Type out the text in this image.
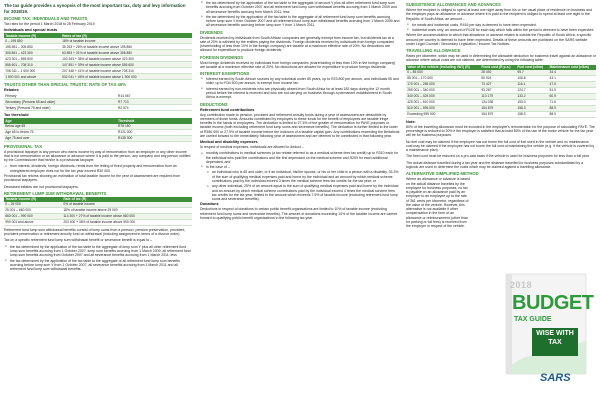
The tax guide provides a synopsis of the most important tax, duty and levy information for 2018/19.
INCOME TAX: INDIVIDUALS AND TRUSTS
Tax rates for the period 1 March 2018 to 28 February 2019
Individuals and special trusts
Taxable income (R)	Rates of tax (R)
0 – 195 850	18% of taxable income
195 851 – 305 850	35 253 + 26% of taxable income above 195 850
305 851 – 423 300	63 853 + 31% of taxable income above 305 850
423 301 – 555 600	100 263 + 36% of taxable income above 423 300
555 601 – 708 310	147 891 + 39% of taxable income above 555 600
708 311 – 1 500 000	207 448 + 41% of taxable income above 708 310
1 500 001 and above	532 041 + 45% of taxable income above 1 500 000
TRUSTS OTHER THAN SPECIAL TRUSTS: RATE OF TAX 45%
Rebates
Primary	R14 067
Secondary (Persons 65 and older)	R7 713
Tertiary (Persons 75 and older)	R2 574
Tax threshold
Age	Threshold
Below age 65	R78 150
Age 65 to below 75	R121 000
Age 75 and over	R135 300
PROVISIONAL TAX
A provisional taxpayer is any person who earns income by way of remuneration from an employer or any other income that is not remuneration or an allowance or advance where it is paid to the person, any company and any person notified by the Commissioner that he/she is a provisional taxpayer.
● from interest, dividends, foreign dividends, rental from the letting of fixed property and remuneration from an unregistered employer does not for the tax year exceed R30 000.
Provisional tax returns showing an estimation of total taxable income for the year of assessment are required from provisional taxpayers.
Deceased estates are not provisional taxpayers.
RETIREMENT LUMP SUM WITHDRAWAL BENEFITS
Taxable income (R)	Rate of tax (R)
0 – 25 000	0% of taxable income
25 001 – 660 000	18% of taxable income above 25 000
660 001 – 990 000	114 300 + 27% of taxable income above 660 000
990 001 and above	203 400 + 36% of taxable income above 990 000
Retirement fund lump sum withdrawal benefits consist of lump sums from a pension, pension preservation, provident, provident preservation or retirement annuity fund on withdrawal (including assignment in terms of a divorce order).
Tax on a specific retirement fund lump sum withdrawal benefit or severance benefit is equal to –
● the tax determined by the application of the tax table to the aggregate of lump sum Y plus all other retirement fund lump sum benefits accruing from 1 October 2007, lump sum benefits accruing from 1 March 2009, all retirement fund lump sum benefits accruing from October 2007 and all severance benefits accruing from 1 March 2011; less
● the tax determined by the application of the tax table to the aggregate of all retirement fund lump sum benefits accruing before lump sum Y from 1 October 2007, all severance benefits accruing from 1 March 2011 and all retirement fund lump sum withdrawal benefits.
● the tax determined by the application of the tax table to the aggregate of amount Y plus all other retirement fund lump sum benefits accruing from October 2007 and all retirement fund lump sum withdrawal benefits accruing from 1 March 2009 and all severance benefits accruing from March 2011; less
● the tax determined by the application of the tax table to the aggregate of all retirement fund lump sum benefits accruing before lump sum Y from October 2007 and all retirement fund lump sum withdrawal benefits accruing from 1 March 2009 and all severance benefits accruing before lump sum Y from 1 March 2011.
DIVIDENDS
Dividends received by individuals from South African companies are generally exempt from income tax, but dividends tax at a rate of 20% is withheld by the entities paying the dividends. Foreign dividends received by individuals from foreign companies (shareholding of less than 10% in the foreign company) are taxable at a maximum effective rate of 20%. No deductions are allowed for expenditure to produce foreign dividends.
FOREIGN DIVIDENDS
Most foreign dividends received by individuals from foreign companies (shareholding of less than 10% in the foreign company) are taxable at a maximum effective rate of 20%. No deductions are allowed for expenditure to produce foreign dividends.
INTEREST EXEMPTIONS
● Interest earned by South African sources by any individual under 65 years, up to R23 800 per annum, and individuals 65 and older, up to R34 500 per annum, is exempt from income tax.
● Interest earned by non-residents who are physically absent from South Africa for at least 183 days during the 12 month period before the interest is received and who are not carrying on business through a permanent establishment in South Africa is exempt.
DEDUCTIONS
Retirement fund contributions
Any contribution made to pension, provident and retirement annuity funds during a year of assessment are deductible by members of those funds. Amounts contributed by employers to these funds for the benefit of employees are taxable fringe benefits in the hands of employees. The deduction is limited to 27.5% of the greater of remuneration for PAYE purposes or taxable income (both excluding retirement fund lump sums and severance benefits). The deduction is further limited to the lower of R350 000 or 27.5% of taxable income before the inclusion of a taxable capital gain. Any contributions exceeding the limitations are carried forward to the immediately following year of assessment and are deemed to be contributed in that following year.
Medical and disability expenses
In respect of medical expenses, individuals are allowed to deduct –
● monthly contributions to medical schemes (a tax rebate referred to as a medical scheme fees tax credit) up to R310 each for the individual who paid the contributions and the first dependant on the medical scheme and R209 for each additional dependant; and
● in the case of –
● an individual who is 65 and older, or if an individual, his/her spouse, or his or her child is a person with a disability, 33.3% of the sum of qualifying medical expenses paid and borne by the individual and an amount by which medical scheme contributions paid by the individual exceed 3 times the medical scheme fees tax credits for the tax year; or
● any other individual, 25% of an amount equal to the sum of qualifying medical expenses paid and borne by the individual and an amount by which medical scheme contributions paid by the individual exceed 4 times the medical scheme fees tax credits for the tax year, limited to the amount which exceeds 7.5% of taxable income (excluding retirement fund lump sums and severance benefits).
Donations
Deductions in respect of donations to certain public benefit organisations are limited to 10% of taxable income (excluding retirement fund lump sums and severance benefits). The amount of donations exceeding 10% of the taxable income are carried forward to qualifying public benefit organisations in the following tax year.
SUBSISTENCE ALLOWANCES AND ADVANCES
Where the recipient is obliged to spend at least one night away from his or her usual place of residence on business and the employer pays an allowance or advance where it is paid to the recipient is obliged to spend at least one night in the Republic of South Africa, an amount –
● for meals and incidental costs, R416 per day is deemed to have been expended.
● incidental costs only, an amount of R128 for each day which falls within the period is deemed to have been expended.
Where the accommodation to which that allowance or advance relates is outside the Republic of South Africa, a specific amount per country is deemed to have been expended. Details of these amounts are published on the SARS website under Legal Counsel / Secondary Legislation / Income Tax Notices.
TRAVELLING ALLOWANCE
Rates per kilometre, which may be used in determining the allowable deduction for business travel against an allowance or advance where actual costs are not claimed, are determined by using the following table:
Value of the vehicle (including VAT) (R)	Fixed cost (R p.a.)	Fuel cost (c/km)	Maintenance cost (c/km)
0 – 85 000	28 492	95.7	34.4
85 001 – 170 000	50 924	106.8	43.1
170 001 – 255 000	73 427	116.1	47.5
255 001 – 340 000	93 267	124.7	51.9
340 001 – 425 000	113 179	133.2	60.9
425 001 – 510 000	134 035	153.0	71.6
510 001 – 595 000	154 879	158.3	88.9
Exceeding 595 000	154 879	158.3	88.9
Note:
80% of the travelling allowance must be included in the employee's remuneration for the purpose of calculating PAYE. The percentage is reduced to 20% if the employer is satisfied that at least 80% of the use of the motor vehicle for the tax year will be for business purposes.
No fuel cost may be claimed if the employee has not borne the full cost of fuel used in the vehicle and no maintenance cost may be claimed if the employee has not borne the full cost of maintaining the vehicle (e.g. if the vehicle is covered by a maintenance plan).
The fixed cost must be reduced on a pro-rata basis if the vehicle is used for business purposes for less than a full year.
The actual distance travelled during a tax year and the distance travelled for business purposes substantiated by a logbook are used to determine the costs which may be claimed against a travelling allowance.
ALTERNATIVE SIMPLIFIED METHOD
Where an allowance or advance is based on the actual distance travelled by the employee for business purposes, no tax is payable on an allowance paid by an employer to an employee up to the rate of 361 cents per kilometre, regardless of the value of the vehicle. However, this alternative is not available if other compensation in the form of an allowance or reimbursement (other than for parking or toll fees) is received from the employer in respect of the vehicle.
2018
BUDGET
TAX GUIDE
WISE WITH TAX
SARS
